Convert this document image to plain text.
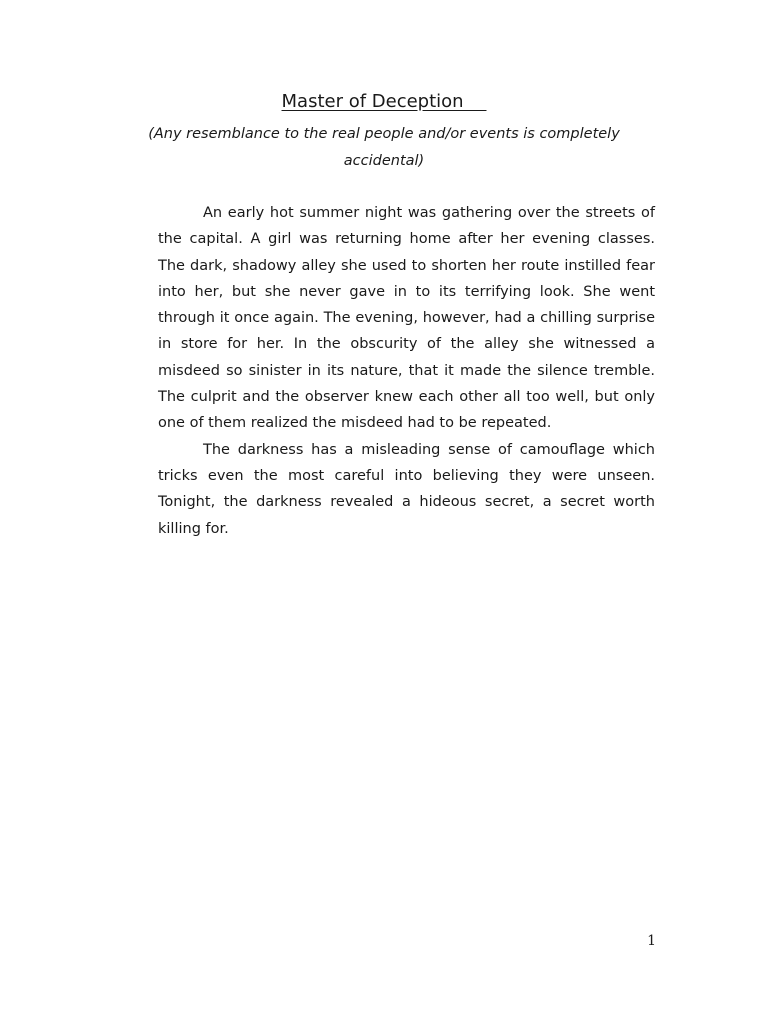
Master of Deception
(Any resemblance to the real people and/or events is completely accidental)

An early hot summer night was gathering over the streets of the capital. A girl was returning home after her evening classes. The dark, shadowy alley she used to shorten her route instilled fear into her, but she never gave in to its terrifying look. She went through it once again. The evening, however, had a chilling surprise in store for her. In the obscurity of the alley she witnessed a misdeed so sinister in its nature, that it made the silence tremble. The culprit and the observer knew each other all too well, but only one of them realized the misdeed had to be repeated.

The darkness has a misleading sense of camouflage which tricks even the most careful into believing they were unseen. Tonight, the darkness revealed a hideous secret, a secret worth killing for.

1
